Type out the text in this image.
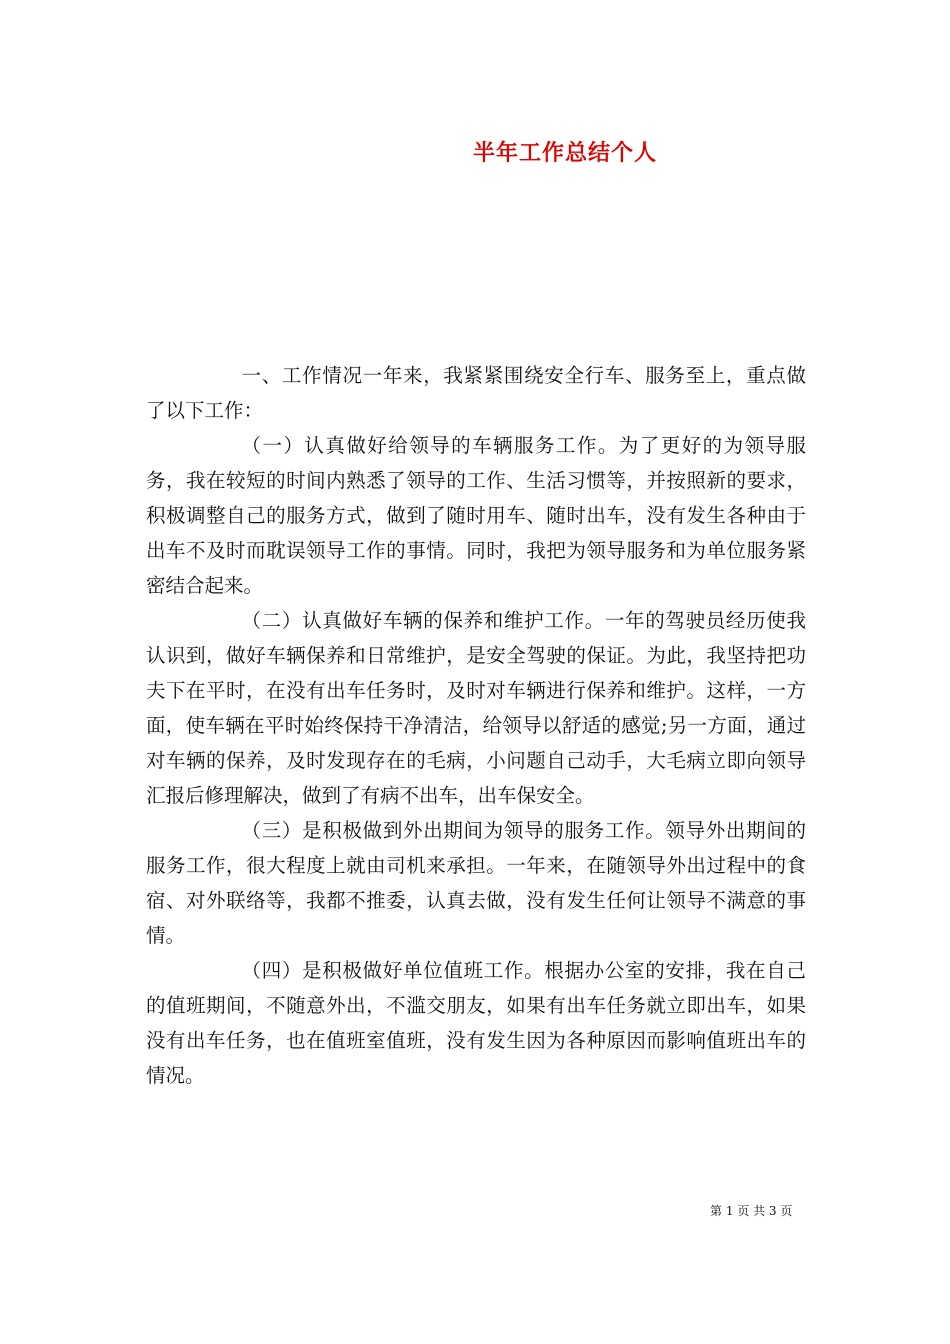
半年工作总结个人

一、工作情况一年来，我紧紧围绕安全行车、服务至上，重点做了以下工作：

（一）认真做好给领导的车辆服务工作。为了更好的为领导服务，我在较短的时间内熟悉了领导的工作、生活习惯等，并按照新的要求，积极调整自己的服务方式，做到了随时用车、随时出车，没有发生各种由于出车不及时而耽误领导工作的事情。同时，我把为领导服务和为单位服务紧密结合起来。

（二）认真做好车辆的保养和维护工作。一年的驾驶员经历使我认识到，做好车辆保养和日常维护，是安全驾驶的保证。为此，我坚持把功夫下在平时，在没有出车任务时，及时对车辆进行保养和维护。这样，一方面，使车辆在平时始终保持干净清洁，给领导以舒适的感觉;另一方面，通过对车辆的保养，及时发现存在的毛病，小问题自己动手，大毛病立即向领导汇报后修理解决，做到了有病不出车，出车保安全。

（三）是积极做到外出期间为领导的服务工作。领导外出期间的服务工作，很大程度上就由司机来承担。一年来，在随领导外出过程中的食宿、对外联络等，我都不推委，认真去做，没有发生任何让领导不满意的事情。

（四）是积极做好单位值班工作。根据办公室的安排，我在自己的值班期间，不随意外出，不滥交朋友，如果有出车任务就立即出车，如果没有出车任务，也在值班室值班，没有发生因为各种原因而影响值班出车的情况。

第 1 页 共 3 页
